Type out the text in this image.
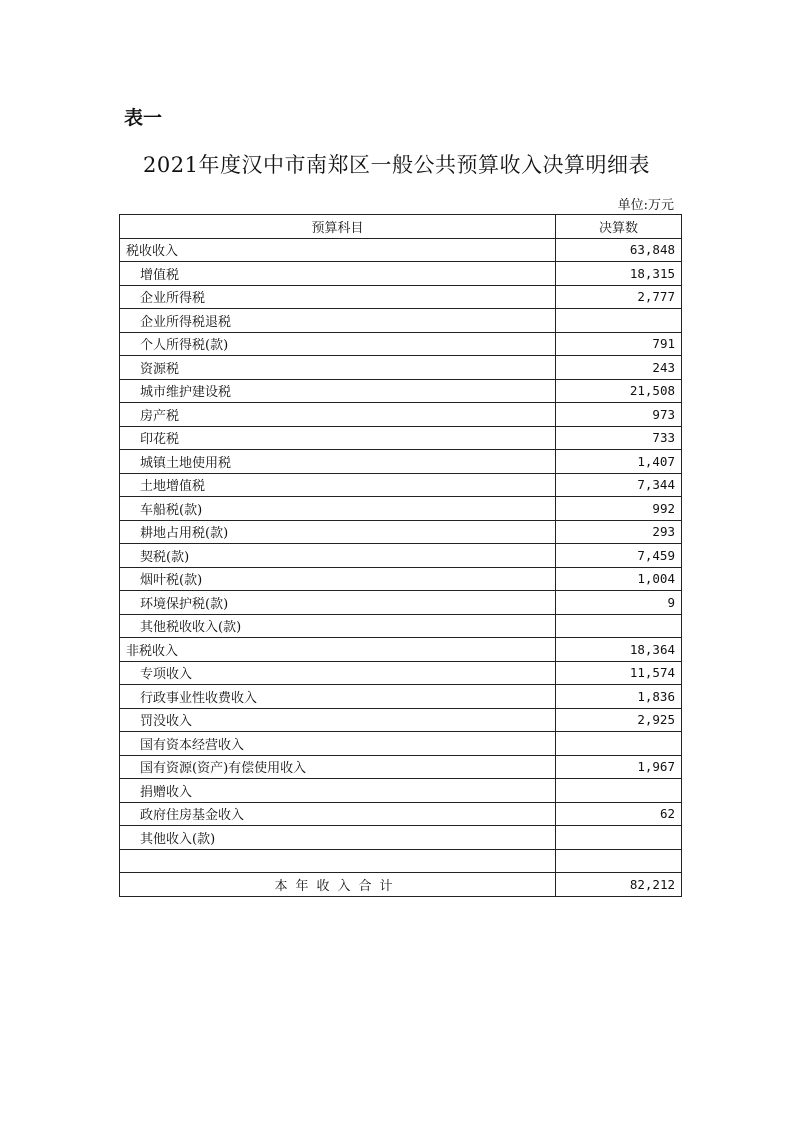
表一
2021年度汉中市南郑区一般公共预算收入决算明细表
单位:万元
预算科目	决算数
税收收入	63,848
增值税	18,315
企业所得税	2,777
企业所得税退税	
个人所得税(款)	791
资源税	243
城市维护建设税	21,508
房产税	973
印花税	733
城镇土地使用税	1,407
土地增值税	7,344
车船税(款)	992
耕地占用税(款)	293
契税(款)	7,459
烟叶税(款)	1,004
环境保护税(款)	9
其他税收收入(款)	
非税收入	18,364
专项收入	11,574
行政事业性收费收入	1,836
罚没收入	2,925
国有资本经营收入	
国有资源(资产)有偿使用收入	1,967
捐赠收入	
政府住房基金收入	62
其他收入(款)	

本年收入合计	82,212
